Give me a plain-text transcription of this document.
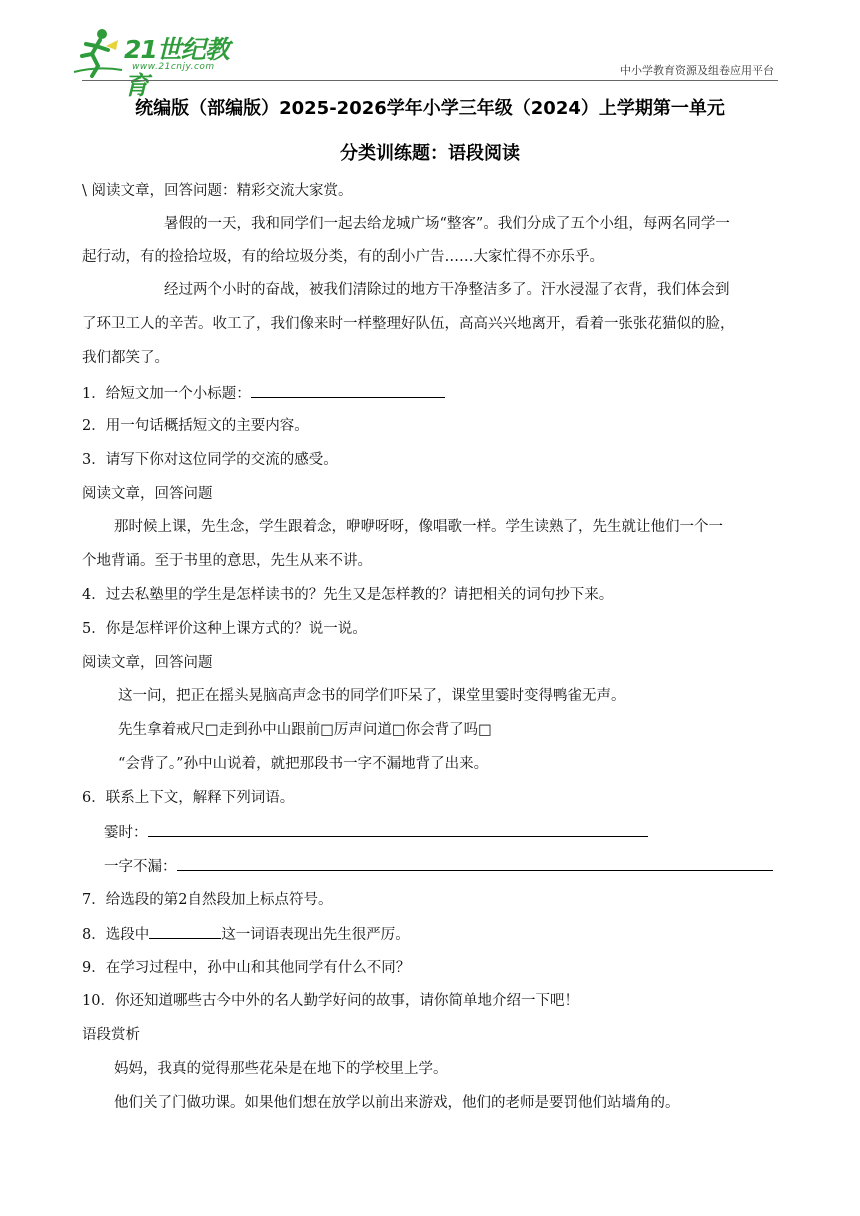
21世纪教育
www.21cnjy.com	中小学教育资源及组卷应用平台
统编版（部编版）2025-2026学年小学三年级（2024）上学期第一单元
分类训练题：语段阅读
\ 阅读文章，回答问题：精彩交流大家赏。
暑假的一天，我和同学们一起去给龙城广场“整客”。我们分成了五个小组，每两名同学一
起行动，有的捡拾垃圾，有的给垃圾分类，有的刮小广告……大家忙得不亦乐乎。
经过两个小时的奋战，被我们清除过的地方干净整洁多了。汗水浸湿了衣背，我们体会到
了环卫工人的辛苦。收工了，我们像来时一样整理好队伍，高高兴兴地离开，看着一张张花猫似的脸，
我们都笑了。
1．给短文加一个小标题：
2．用一句话概括短文的主要内容。
3．请写下你对这位同学的交流的感受。
阅读文章，回答问题
那时候上课，先生念，学生跟着念，咿咿呀呀，像唱歌一样。学生读熟了，先生就让他们一个一
个地背诵。至于书里的意思，先生从来不讲。
4．过去私塾里的学生是怎样读书的？先生又是怎样教的？请把相关的词句抄下来。
5．你是怎样评价这种上课方式的？说一说。
阅读文章，回答问题
这一问，把正在摇头晃脑高声念书的同学们吓呆了，课堂里霎时变得鸭雀无声。
先生拿着戒尺□走到孙中山跟前□厉声问道□你会背了吗□
“会背了。”孙中山说着，就把那段书一字不漏地背了出来。
6．联系上下文，解释下列词语。
霎时：
一字不漏：
7．给选段的第2自然段加上标点符号。
8．选段中	这一词语表现出先生很严厉。
9．在学习过程中，孙中山和其他同学有什么不同？
10．你还知道哪些古今中外的名人勤学好问的故事，请你简单地介绍一下吧！
语段赏析
妈妈，我真的觉得那些花朵是在地下的学校里上学。
他们关了门做功课。如果他们想在放学以前出来游戏，他们的老师是要罚他们站墙角的。
